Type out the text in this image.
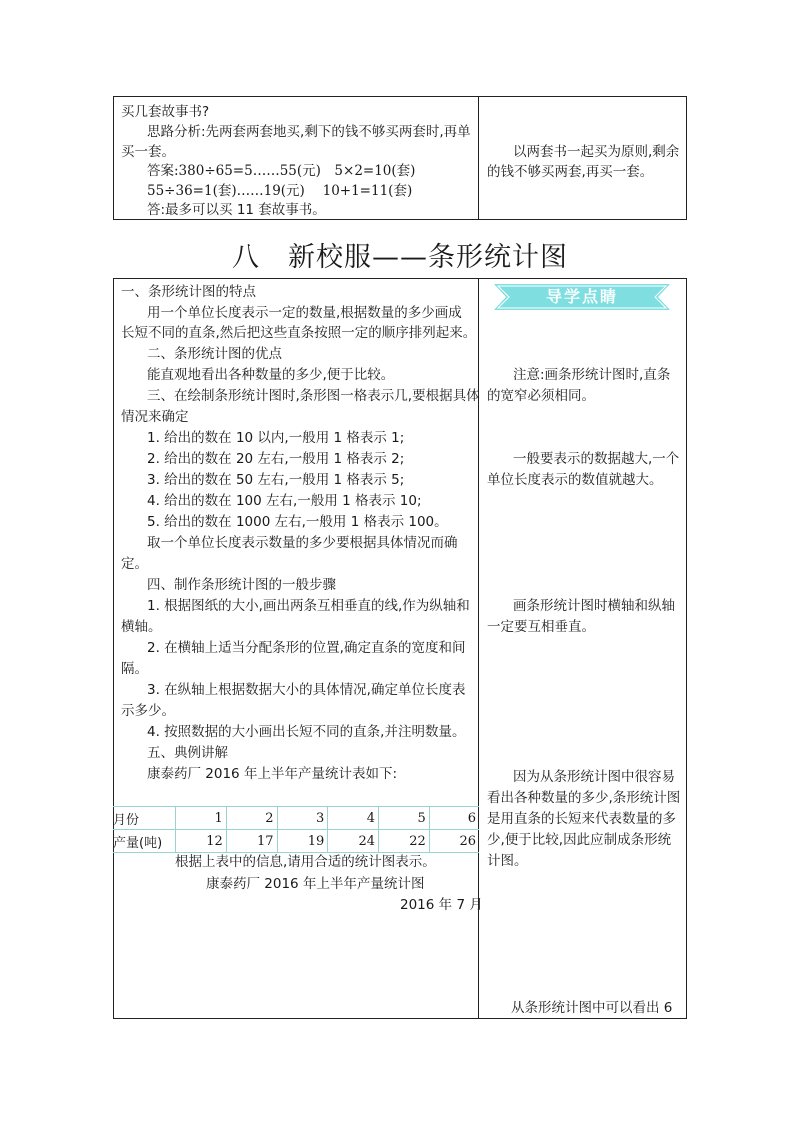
买几套故事书?
思路分析:先两套两套地买,剩下的钱不够买两套时,再单
买一套。
答案:380÷65=5……55(元)　5×2=10(套)
55÷36=1(套)……19(元)　 10+1=11(套)
答:最多可以买 11 套故事书。
以两套书一起买为原则,剩余
的钱不够买两套,再买一套。
八　新校服——条形统计图
导学点睛
一、条形统计图的特点
用一个单位长度表示一定的数量,根据数量的多少画成
长短不同的直条,然后把这些直条按照一定的顺序排列起来。
二、条形统计图的优点
能直观地看出各种数量的多少,便于比较。
三、在绘制条形统计图时,条形图一格表示几,要根据具体
情况来确定
1. 给出的数在 10 以内,一般用 1 格表示 1;
2. 给出的数在 20 左右,一般用 1 格表示 2;
3. 给出的数在 50 左右,一般用 1 格表示 5;
4. 给出的数在 100 左右,一般用 1 格表示 10;
5. 给出的数在 1000 左右,一般用 1 格表示 100。
取一个单位长度表示数量的多少要根据具体情况而确
定。
四、制作条形统计图的一般步骤
1. 根据图纸的大小,画出两条互相垂直的线,作为纵轴和
横轴。
2. 在横轴上适当分配条形的位置,确定直条的宽度和间
隔。
3. 在纵轴上根据数据大小的具体情况,确定单位长度表
示多少。
4. 按照数据的大小画出长短不同的直条,并注明数量。
五、典例讲解
康泰药厂 2016 年上半年产量统计表如下:
月份	1	2	3	4	5	6
产量(吨)	12	17	19	24	22	26
根据上表中的信息,请用合适的统计图表示。
康泰药厂 2016 年上半年产量统计图
2016 年 7 月
注意:画条形统计图时,直条
的宽窄必须相同。
一般要表示的数据越大,一个
单位长度表示的数值就越大。
画条形统计图时横轴和纵轴
一定要互相垂直。
因为从条形统计图中很容易
看出各种数量的多少,条形统计图
是用直条的长短来代表数量的多
少,便于比较,因此应制成条形统
计图。
从条形统计图中可以看出 6
